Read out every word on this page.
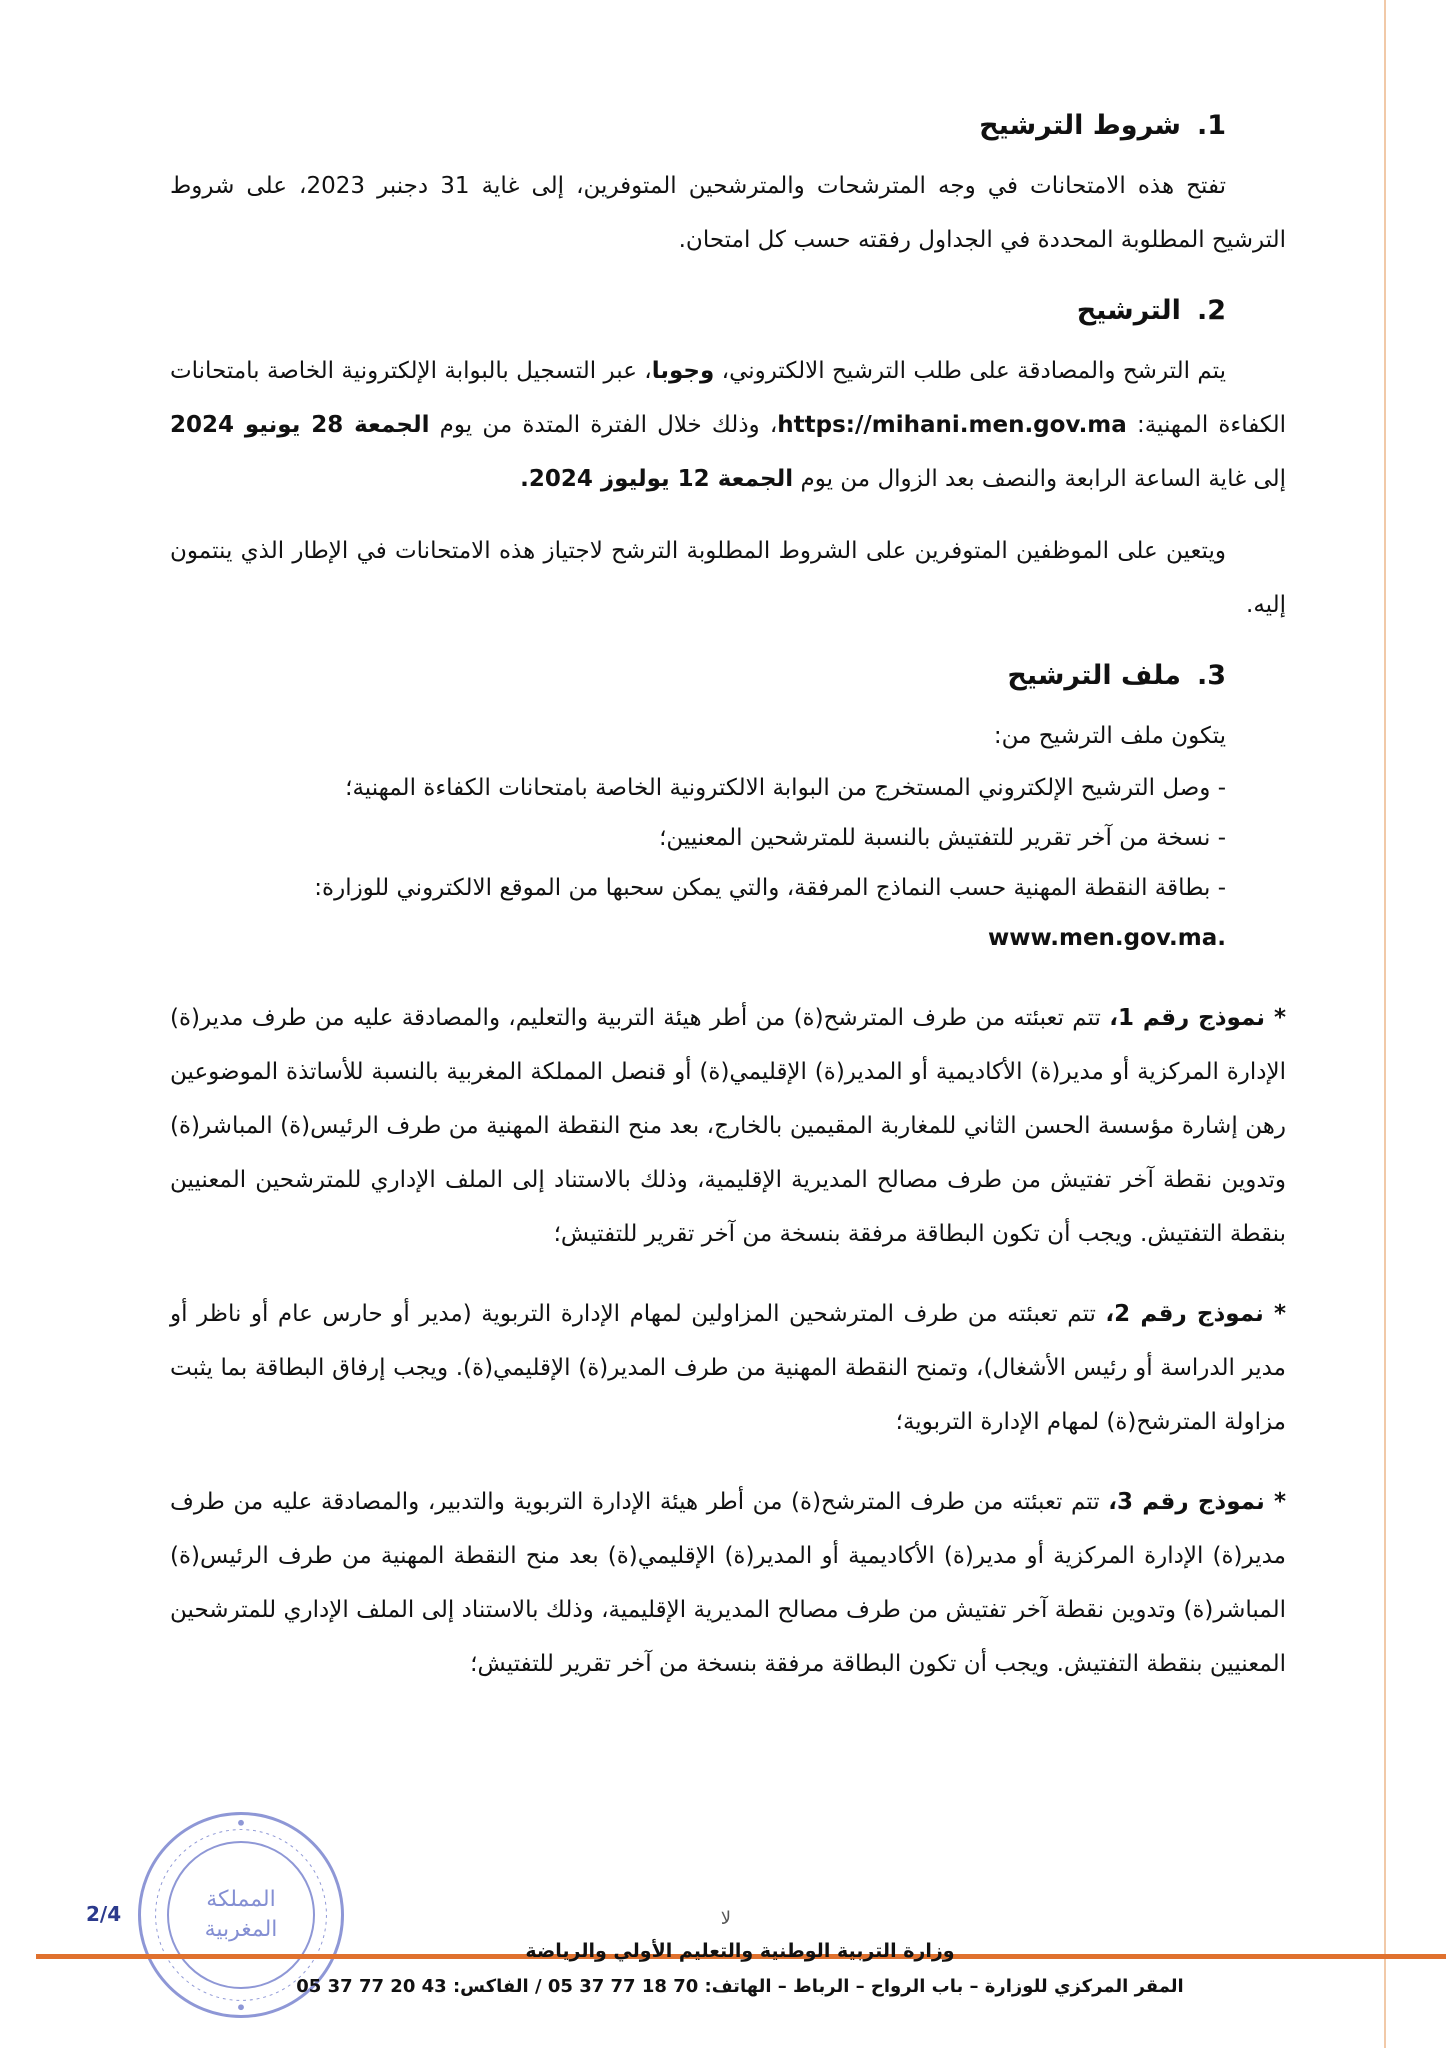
1.
شروط الترشيح

تفتح هذه الامتحانات في وجه المترشحات والمترشحين المتوفرين، إلى غاية 31 دجنبر 2023، على شروط الترشيح المطلوبة المحددة في الجداول رفقته حسب كل امتحان.

2.
الترشيح

يتم الترشح والمصادقة على طلب الترشيح الالكتروني، وجوبا، عبر التسجيل بالبوابة الإلكترونية الخاصة بامتحانات الكفاءة المهنية: https://mihani.men.gov.ma، وذلك خلال الفترة المتدة من يوم الجمعة 28 يونيو 2024 إلى غاية الساعة الرابعة والنصف بعد الزوال من يوم الجمعة 12 يوليوز 2024.

ويتعين على الموظفين المتوفرين على الشروط المطلوبة الترشح لاجتياز هذه الامتحانات في الإطار الذي ينتمون إليه.

3.
ملف الترشيح

يتكون ملف الترشيح من:

- وصل الترشيح الإلكتروني المستخرج من البوابة الالكترونية الخاصة بامتحانات الكفاءة المهنية؛
- نسخة من آخر تقرير للتفتيش بالنسبة للمترشحين المعنيين؛
- بطاقة النقطة المهنية حسب النماذج المرفقة، والتي يمكن سحبها من الموقع الالكتروني للوزارة:
www.men.gov.ma.

* نموذج رقم 1، تتم تعبئته من طرف المترشح(ة) من أطر هيئة التربية والتعليم، والمصادقة عليه من طرف مدير(ة) الإدارة المركزية أو مدير(ة) الأكاديمية أو المدير(ة) الإقليمي(ة) أو قنصل المملكة المغربية بالنسبة للأساتذة الموضوعين رهن إشارة مؤسسة الحسن الثاني للمغاربة المقيمين بالخارج، بعد منح النقطة المهنية من طرف الرئيس(ة) المباشر(ة) وتدوين نقطة آخر تفتيش من طرف مصالح المديرية الإقليمية، وذلك بالاستناد إلى الملف الإداري للمترشحين المعنيين بنقطة التفتيش. ويجب أن تكون البطاقة مرفقة بنسخة من آخر تقرير للتفتيش؛

* نموذج رقم 2، تتم تعبئته من طرف المترشحين المزاولين لمهام الإدارة التربوية (مدير أو حارس عام أو ناظر أو مدير الدراسة أو رئيس الأشغال)، وتمنح النقطة المهنية من طرف المدير(ة) الإقليمي(ة). ويجب إرفاق البطاقة بما يثبت مزاولة المترشح(ة) لمهام الإدارة التربوية؛

* نموذج رقم 3، تتم تعبئته من طرف المترشح(ة) من أطر هيئة الإدارة التربوية والتدبير، والمصادقة عليه من طرف مدير(ة) الإدارة المركزية أو مدير(ة) الأكاديمية أو المدير(ة) الإقليمي(ة) بعد منح النقطة المهنية من طرف الرئيس(ة) المباشر(ة) وتدوين نقطة آخر تفتيش من طرف مصالح المديرية الإقليمية، وذلك بالاستناد إلى الملف الإداري للمترشحين المعنيين بنقطة التفتيش. ويجب أن تكون البطاقة مرفقة بنسخة من آخر تقرير للتفتيش؛

المملكة
المغربية
2/4	ﻻ
وزارة التربية الوطنية والتعليم الأولي والرياضة
المقر المركزي للوزارة – باب الرواح – الرباط – الهاتف: 70 18 77 37 05 / الفاكس: 43 20 77 37 05
